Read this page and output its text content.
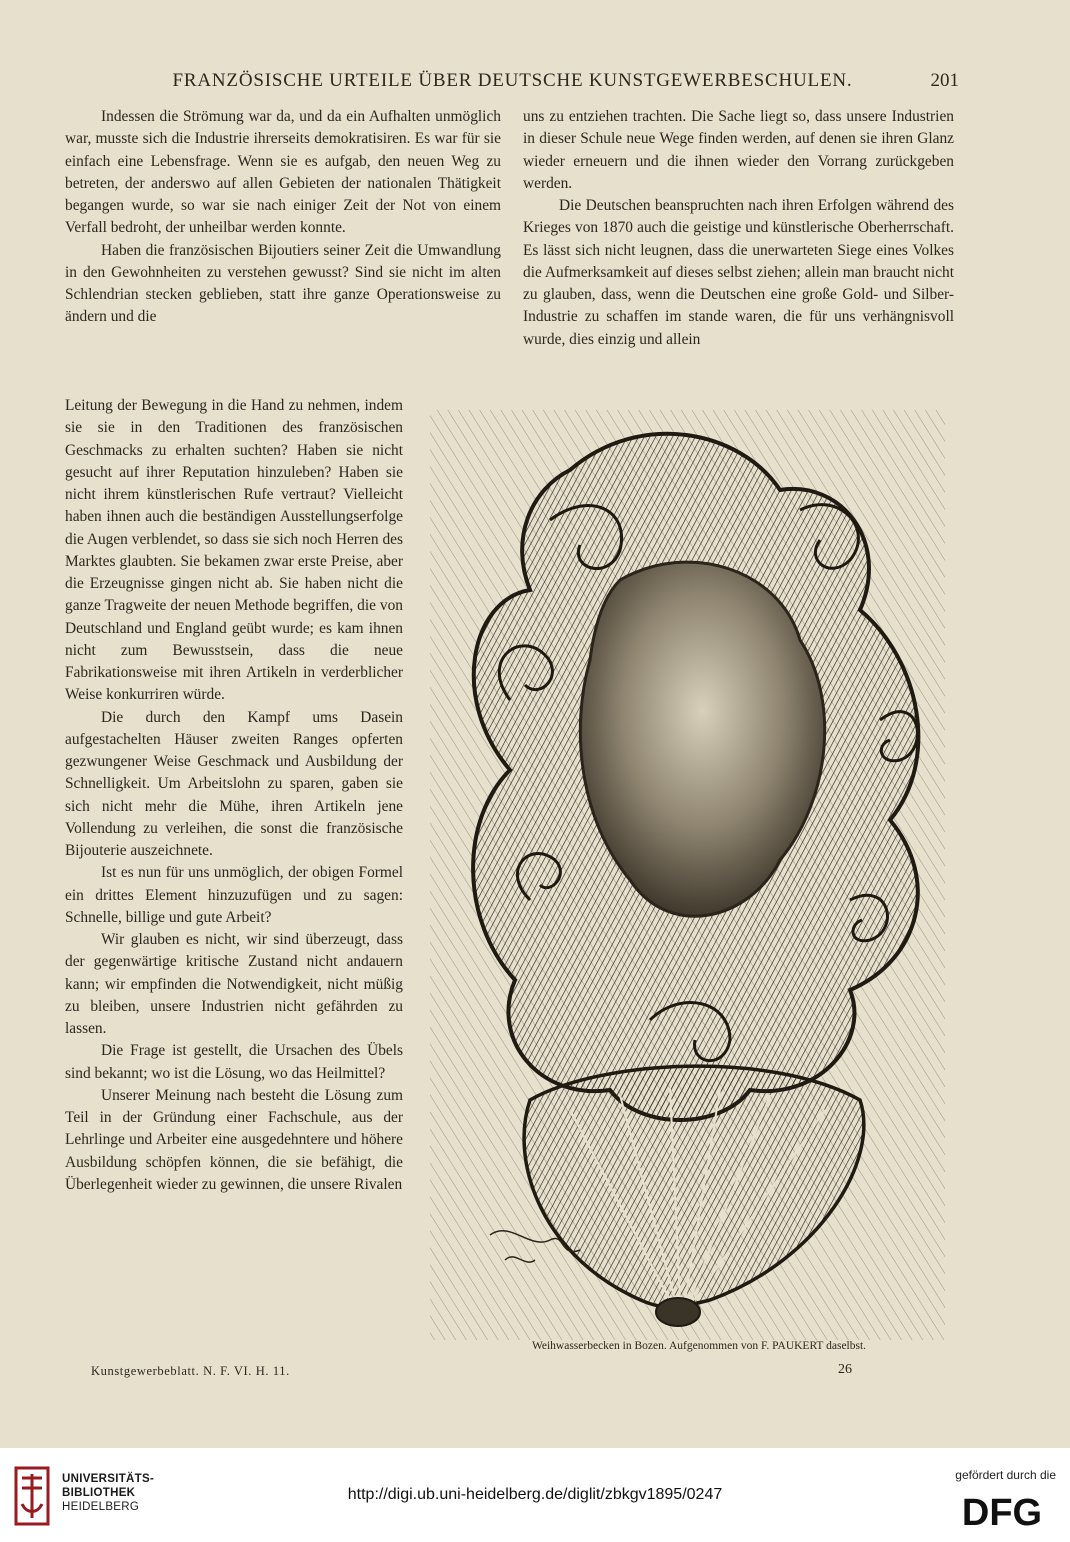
FRANZÖSISCHE URTEILE ÜBER DEUTSCHE KUNSTGEWERBESCHULEN.	201

Indessen die Strömung war da, und da ein Aufhalten unmöglich war, musste sich die Industrie ihrerseits demokratisiren. Es war für sie einfach eine Lebensfrage. Wenn sie es aufgab, den neuen Weg zu betreten, der anderswo auf allen Gebieten der nationalen Thätigkeit begangen wurde, so war sie nach einiger Zeit der Not von einem Verfall bedroht, der unheilbar werden konnte.

Haben die französischen Bijoutiers seiner Zeit die Umwandlung in den Gewohnheiten zu verstehen gewusst? Sind sie nicht im alten Schlendrian stecken geblieben, statt ihre ganze Operationsweise zu ändern und die

Leitung der Bewegung in die Hand zu nehmen, indem sie sie in den Traditionen des französischen Geschmacks zu erhalten suchten? Haben sie nicht gesucht auf ihrer Reputation hinzuleben? Haben sie nicht ihrem künstlerischen Rufe vertraut? Vielleicht haben ihnen auch die beständigen Ausstellungserfolge die Augen verblendet, so dass sie sich noch Herren des Marktes glaubten. Sie bekamen zwar erste Preise, aber die Erzeugnisse gingen nicht ab. Sie haben nicht die ganze Tragweite der neuen Methode begriffen, die von Deutschland und England geübt wurde; es kam ihnen nicht zum Bewusstsein, dass die neue Fabrikationsweise mit ihren Artikeln in verderblicher Weise konkurriren würde.

Die durch den Kampf ums Dasein aufgestachelten Häuser zweiten Ranges opferten gezwungener Weise Geschmack und Ausbildung der Schnelligkeit. Um Arbeitslohn zu sparen, gaben sie sich nicht mehr die Mühe, ihren Artikeln jene Vollendung zu verleihen, die sonst die französische Bijouterie auszeichnete.

Ist es nun für uns unmöglich, der obigen Formel ein drittes Element hinzuzufügen und zu sagen: Schnelle, billige und gute Arbeit?

Wir glauben es nicht, wir sind überzeugt, dass der gegenwärtige kritische Zustand nicht andauern kann; wir empfinden die Notwendigkeit, nicht müßig zu bleiben, unsere Industrien nicht gefährden zu lassen.

Die Frage ist gestellt, die Ursachen des Übels sind bekannt; wo ist die Lösung, wo das Heilmittel?

Unserer Meinung nach besteht die Lösung zum Teil in der Gründung einer Fachschule, aus der Lehrlinge und Arbeiter eine ausgedehntere und höhere Ausbildung schöpfen können, die sie befähigt, die Überlegenheit wieder zu gewinnen, die unsere Rivalen

uns zu entziehen trachten. Die Sache liegt so, dass unsere Industrien in dieser Schule neue Wege finden werden, auf denen sie ihren Glanz wieder erneuern und die ihnen wieder den Vorrang zurückgeben werden.

Die Deutschen beanspruchten nach ihren Erfolgen während des Krieges von 1870 auch die geistige und künstlerische Oberherrschaft. Es lässt sich nicht leugnen, dass die unerwarteten Siege eines Volkes die Aufmerksamkeit auf dieses selbst ziehen; allein man braucht nicht zu glauben, dass, wenn die Deutschen eine große Gold- und Silber-Industrie zu schaffen im stande waren, die für uns verhängnisvoll wurde, dies einzig und allein

Weihwasserbecken in Bozen. Aufgenommen von F. PAUKERT daselbst.
Kunstgewerbeblatt. N. F. VI. H. 11.	26
UNIVERSITÄTS-
BIBLIOTHEK
HEIDELBERG
http://digi.ub.uni-heidelberg.de/diglit/zbkgv1895/0247
gefördert durch die
DFG
